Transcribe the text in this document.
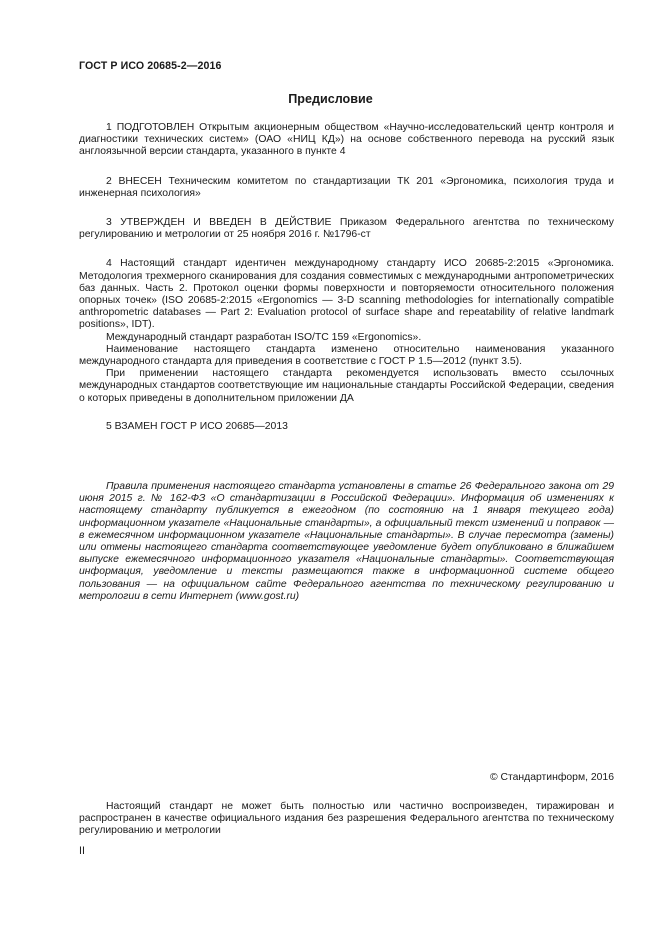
ГОСТ Р ИСО 20685-2—2016
Предисловие

1 ПОДГОТОВЛЕН Открытым акционерным обществом «Научно-исследовательский центр контроля и диагностики технических систем» (ОАО «НИЦ КД») на основе собственного перевода на русский язык англоязычной версии стандарта, указанного в пункте 4

2 ВНЕСЕН Техническим комитетом по стандартизации ТК 201 «Эргономика, психология труда и инженерная психология»

3 УТВЕРЖДЕН И ВВЕДЕН В ДЕЙСТВИЕ Приказом Федерального агентства по техническому регулированию и метрологии от 25 ноября 2016 г. №1796-ст

4 Настоящий стандарт идентичен международному стандарту ИСО 20685-2:2015 «Эргономика. Методология трехмерного сканирования для создания совместимых с международными антропометрических баз данных. Часть 2. Протокол оценки формы поверхности и повторяемости относительного положения опорных точек» (ISO 20685-2:2015 «Ergonomics — 3-D scanning methodologies for internationally compatible anthropometric databases — Part 2: Evaluation protocol of surface shape and repeatability of relative landmark positions», IDT).

Международный стандарт разработан ISO/TC 159 «Ergonomics».

Наименование настоящего стандарта изменено относительно наименования указанного международного стандарта для приведения в соответствие с ГОСТ Р 1.5—2012 (пункт 3.5).

При применении настоящего стандарта рекомендуется использовать вместо ссылочных международных стандартов соответствующие им национальные стандарты Российской Федерации, сведения о которых приведены в дополнительном приложении ДА

5 ВЗАМЕН ГОСТ Р ИСО 20685—2013

Правила применения настоящего стандарта установлены в статье 26 Федерального закона от 29 июня 2015 г. № 162-ФЗ «О стандартизации в Российской Федерации». Информация об изменениях к настоящему стандарту публикуется в ежегодном (по состоянию на 1 января текущего года) информационном указателе «Национальные стандарты», а официальный текст изменений и поправок — в ежемесячном информационном указателе «Национальные стандарты». В случае пересмотра (замены) или отмены настоящего стандарта соответствующее уведомление будет опубликовано в ближайшем выпуске ежемесячного информационного указателя «Национальные стандарты». Соответствующая информация, уведомление и тексты размещаются также в информационной системе общего пользования — на официальном сайте Федерального агентства по техническому регулированию и метрологии в сети Интернет (www.gost.ru)

© Стандартинформ, 2016

Настоящий стандарт не может быть полностью или частично воспроизведен, тиражирован и распространен в качестве официального издания без разрешения Федерального агентства по техническому регулированию и метрологии

II
